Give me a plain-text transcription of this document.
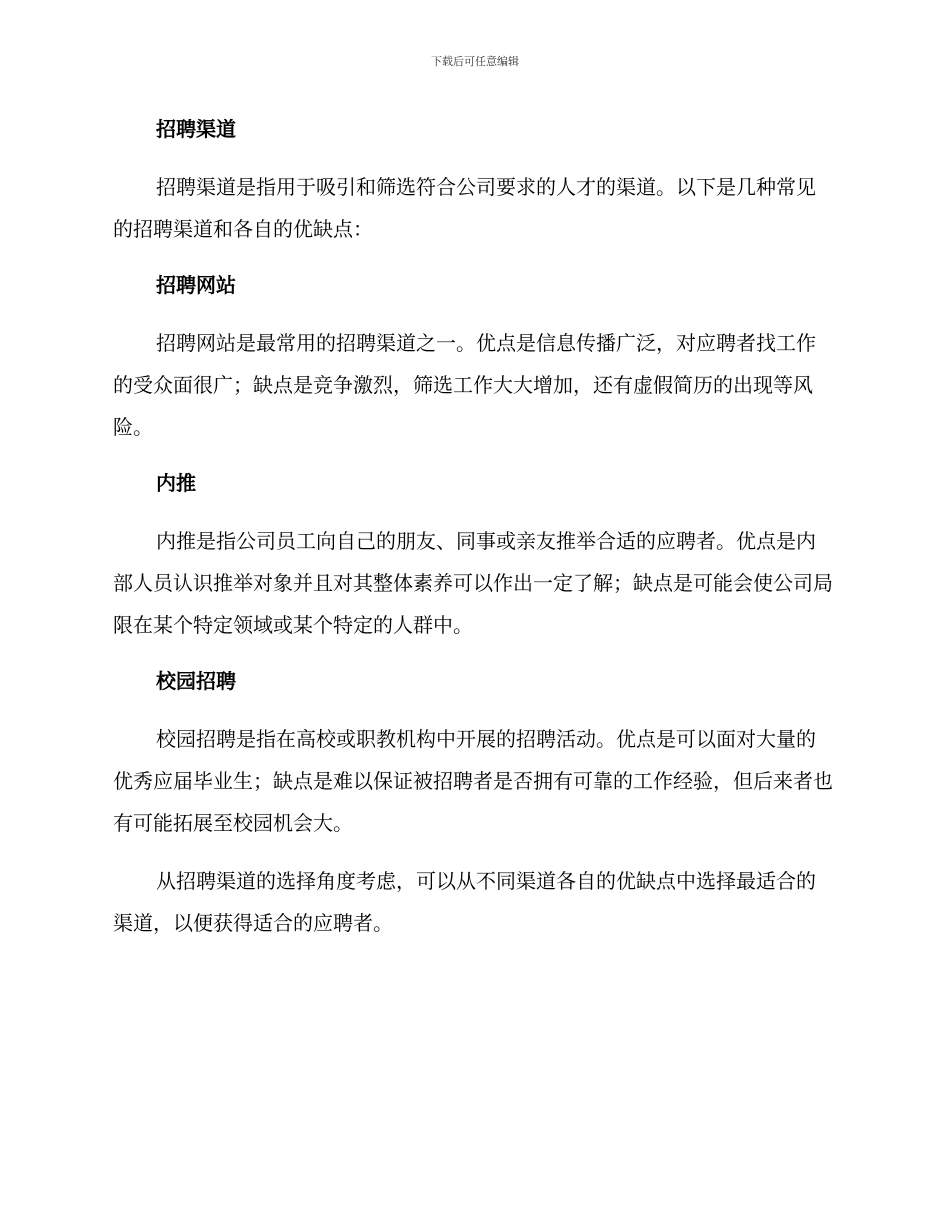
下载后可任意编辑
招聘渠道

招聘渠道是指用于吸引和筛选符合公司要求的人才的渠道。以下是几种常见的招聘渠道和各自的优缺点：

招聘网站

招聘网站是最常用的招聘渠道之一。优点是信息传播广泛，对应聘者找工作的受众面很广；缺点是竞争激烈，筛选工作大大增加，还有虚假简历的出现等风险。

内推

内推是指公司员工向自己的朋友、同事或亲友推举合适的应聘者。优点是内部人员认识推举对象并且对其整体素养可以作出一定了解；缺点是可能会使公司局限在某个特定领域或某个特定的人群中。

校园招聘

校园招聘是指在高校或职教机构中开展的招聘活动。优点是可以面对大量的优秀应届毕业生；缺点是难以保证被招聘者是否拥有可靠的工作经验，但后来者也有可能拓展至校园机会大。

从招聘渠道的选择角度考虑，可以从不同渠道各自的优缺点中选择最适合的渠道，以便获得适合的应聘者。
